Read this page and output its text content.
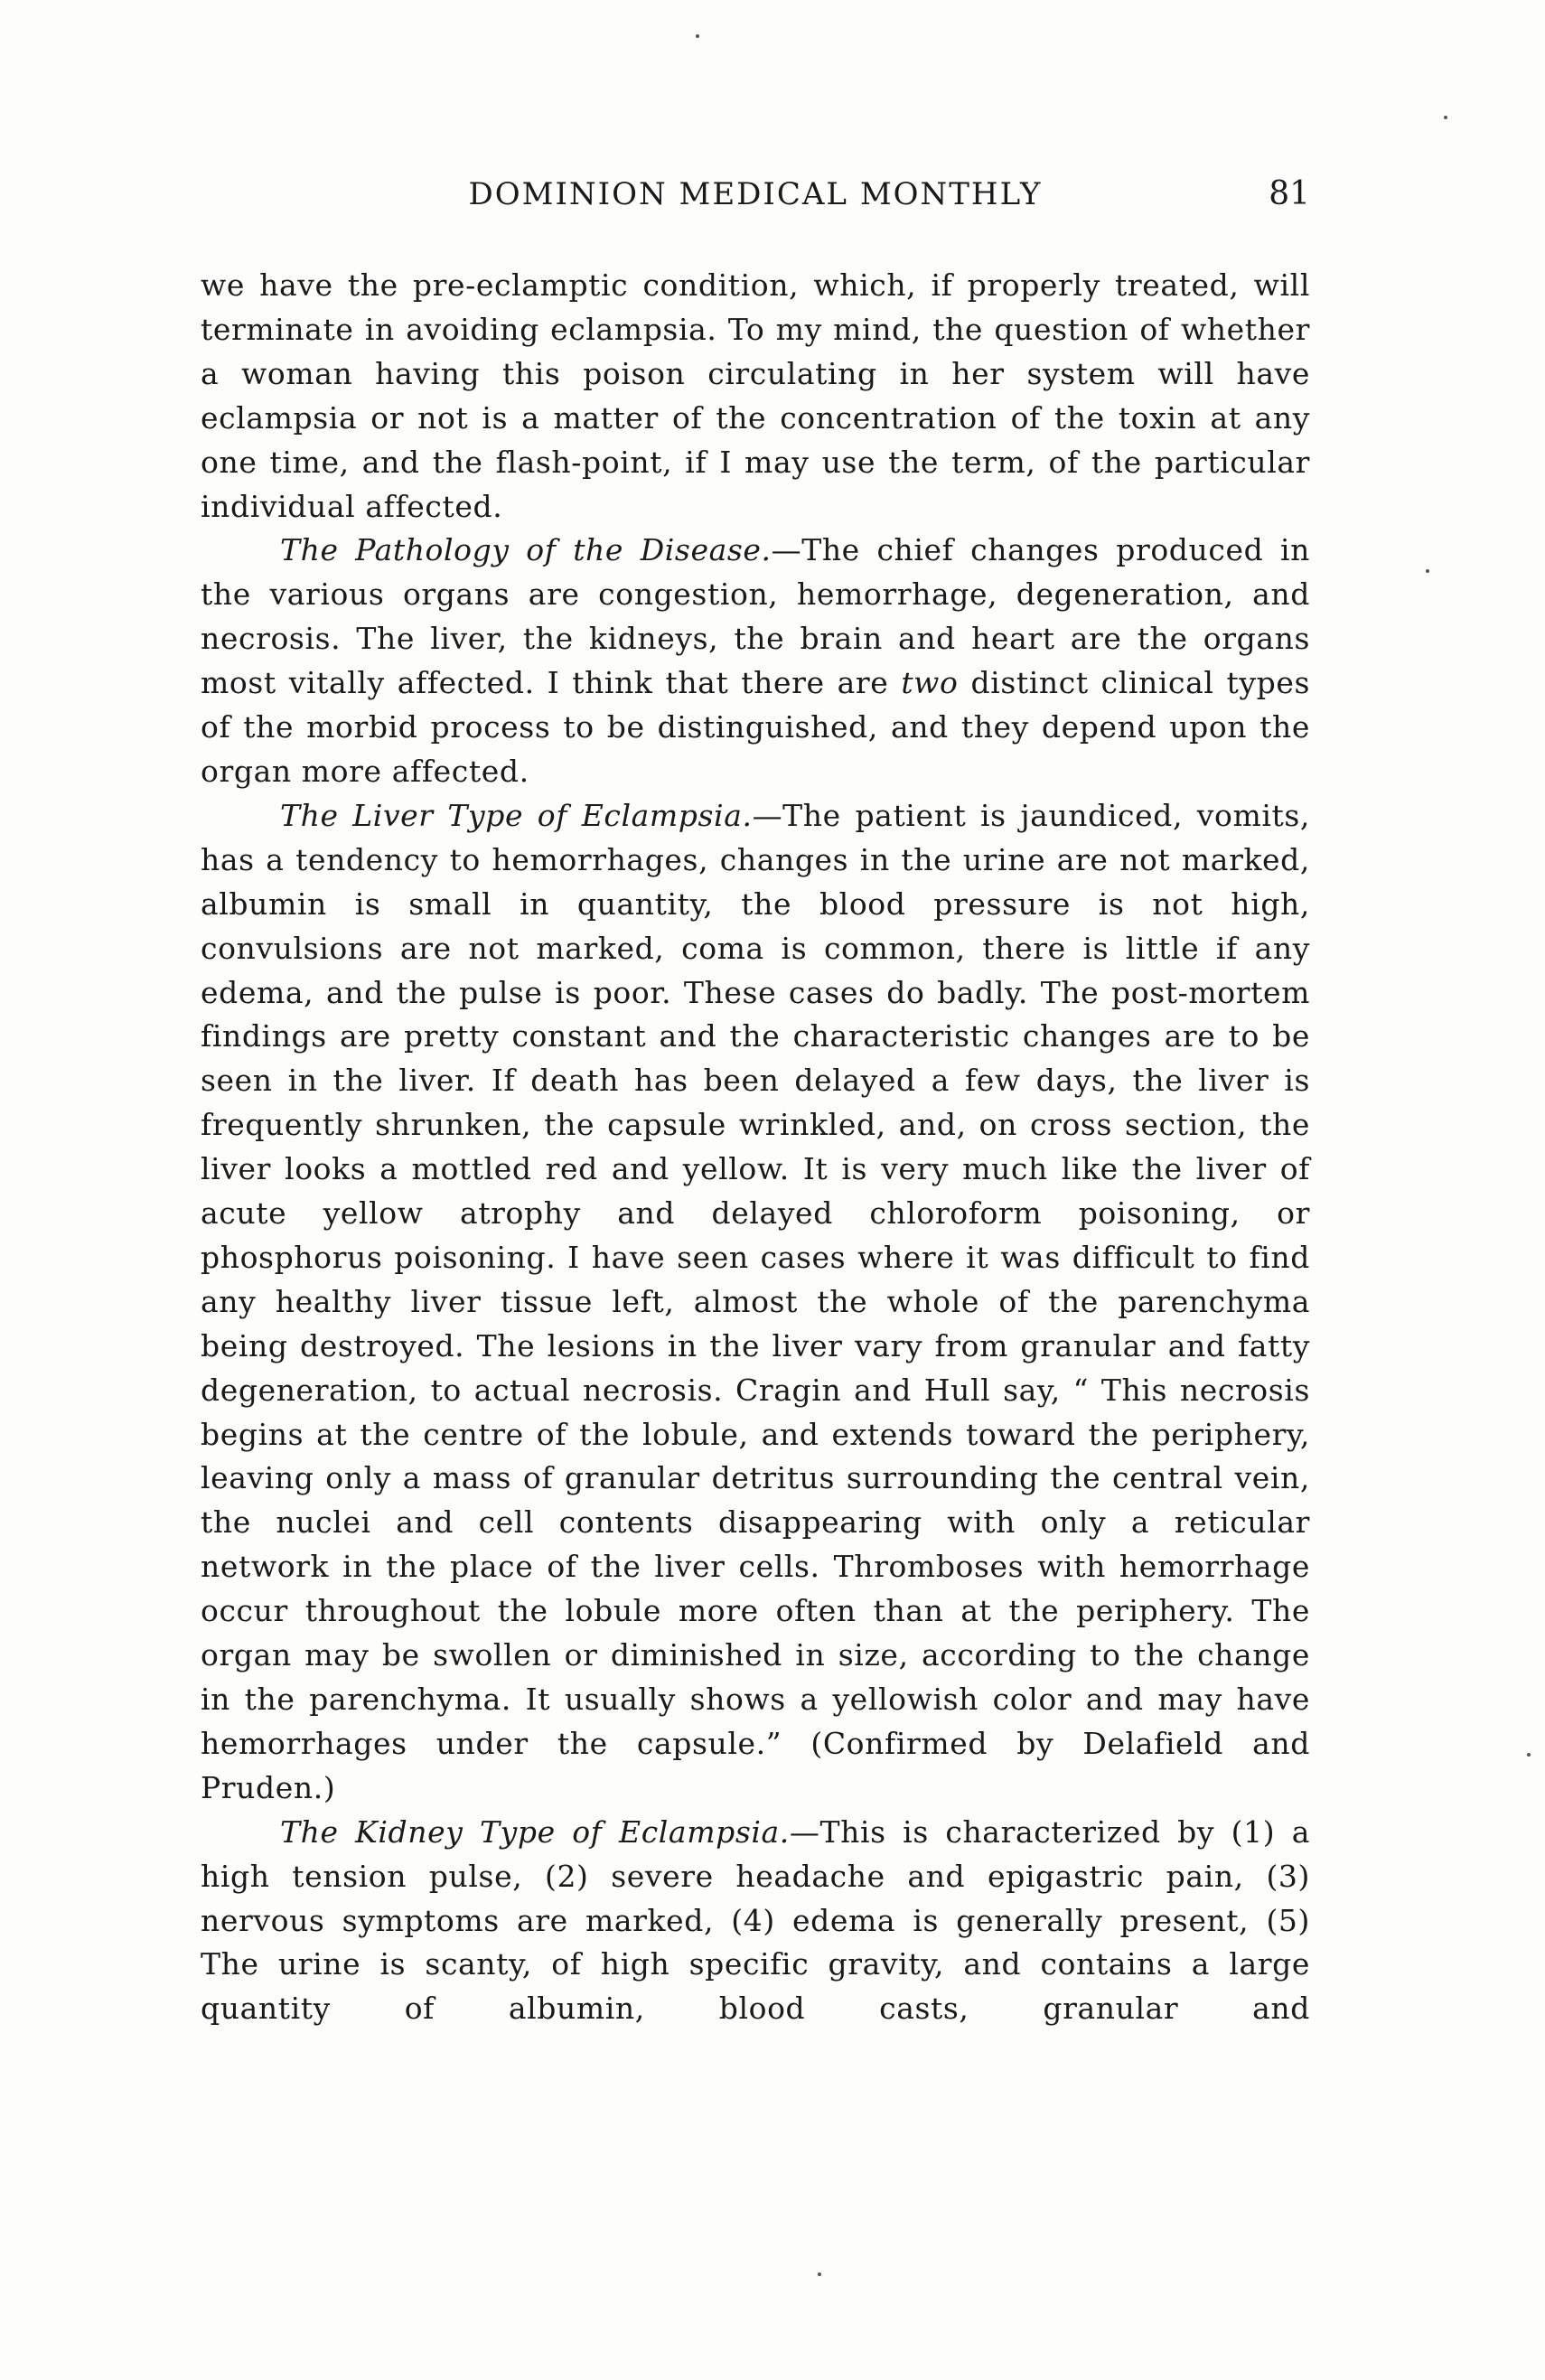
DOMINION MEDICAL MONTHLY	81

we have the pre-eclamptic condition, which, if properly treated, will terminate in avoiding eclampsia. To my mind, the question of whether a woman having this poison circulating in her system will have eclampsia or not is a matter of the concentration of the toxin at any one time, and the flash-point, if I may use the term, of the particular individual affected.

The Pathology of the Disease.—The chief changes produced in the various organs are congestion, hemorrhage, degeneration, and necrosis. The liver, the kidneys, the brain and heart are the organs most vitally affected. I think that there are two distinct clinical types of the morbid process to be distinguished, and they depend upon the organ more affected.

The Liver Type of Eclampsia.—The patient is jaundiced, vomits, has a tendency to hemorrhages, changes in the urine are not marked, albumin is small in quantity, the blood pressure is not high, convulsions are not marked, coma is common, there is little if any edema, and the pulse is poor. These cases do badly. The post-mortem findings are pretty constant and the characteristic changes are to be seen in the liver. If death has been delayed a few days, the liver is frequently shrunken, the capsule wrinkled, and, on cross section, the liver looks a mottled red and yellow. It is very much like the liver of acute yellow atrophy and delayed chloroform poisoning, or phosphorus poisoning. I have seen cases where it was difficult to find any healthy liver tissue left, almost the whole of the parenchyma being destroyed. The lesions in the liver vary from granular and fatty degeneration, to actual necrosis. Cragin and Hull say, “ This necrosis begins at the centre of the lobule, and extends toward the periphery, leaving only a mass of granular detritus surrounding the central vein, the nuclei and cell contents disappearing with only a reticular network in the place of the liver cells. Thromboses with hemorrhage occur throughout the lobule more often than at the periphery. The organ may be swollen or diminished in size, according to the change in the parenchyma. It usually shows a yellowish color and may have hemorrhages under the capsule.” (Confirmed by Delafield and Pruden.)

The Kidney Type of Eclampsia.—This is characterized by (1) a high tension pulse, (2) severe headache and epigastric pain, (3) nervous symptoms are marked, (4) edema is generally present, (5) The urine is scanty, of high specific gravity, and contains a large quantity of albumin, blood casts, granular and
